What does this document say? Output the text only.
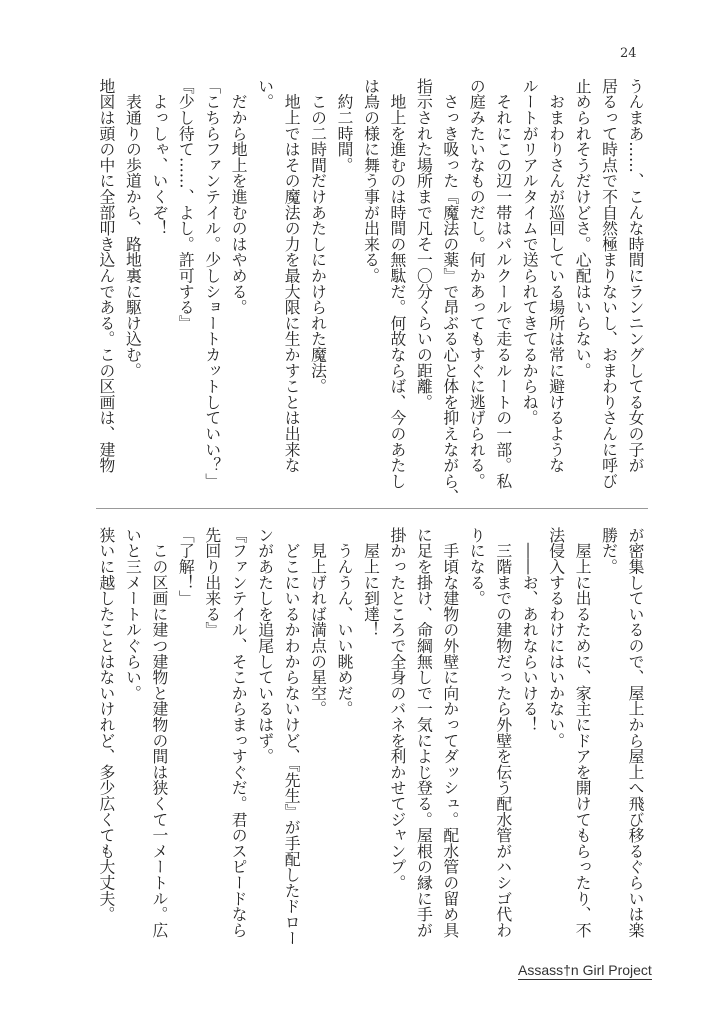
24

うんまあ……、こんな時間にランニングしてる女の子が

居るって時点で不自然極まりないし、おまわりさんに呼び

止められそうだけどさ。心配はいらない。

　おまわりさんが巡回している場所は常に避けるような

ルートがリアルタイムで送られてきてるからね。

　それにこの辺一帯はパルクールで走るルートの一部。私

の庭みたいなものだし。何かあってもすぐに逃げられる。

　さっき吸った『魔法の薬』で昂ぶる心と体を抑えながら、

指示された場所まで凡そ一〇分くらいの距離。

　地上を進むのは時間の無駄だ。何故ならば、今のあたし

は鳥の様に舞う事が出来る。

　約二時間。

　この二時間だけあたしにかけられた魔法。

　地上ではその魔法の力を最大限に生かすことは出来な

い。

　だから地上を進むのはやめる。

「こちらファンテイル。少しショートカットしていい？」

『少し待て……、よし。許可する』

　よっしゃ、いくぞ！

　表通りの歩道から、路地裏に駆け込む。

地図は頭の中に全部叩き込んである。この区画は、建物

が密集しているので、屋上から屋上へ飛び移るぐらいは楽

勝だ。

　屋上に出るために、家主にドアを開けてもらったり、不

法侵入するわけにはいかない。

　――お、あれならいける！

　三階までの建物だったら外壁を伝う配水管がハシゴ代わ

りになる。

　手頃な建物の外壁に向かってダッシュ。配水管の留め具

に足を掛け、命綱無しで一気によじ登る。屋根の縁に手が

掛かったところで全身のバネを利かせてジャンプ。

　屋上に到達！

　うんうん、いい眺めだ。

　見上げれば満点の星空。

　どこにいるかわからないけど、『先生』が手配したドロー

ンがあたしを追尾しているはず。

『ファンテイル、そこからまっすぐだ。君のスピードなら

先回り出来る』

「了解！」

　この区画に建つ建物と建物の間は狭くて一メートル。広

いと三メートルぐらい。

狭いに越したことはないけれど、多少広くても大丈夫。

Assass†n Girl Project
